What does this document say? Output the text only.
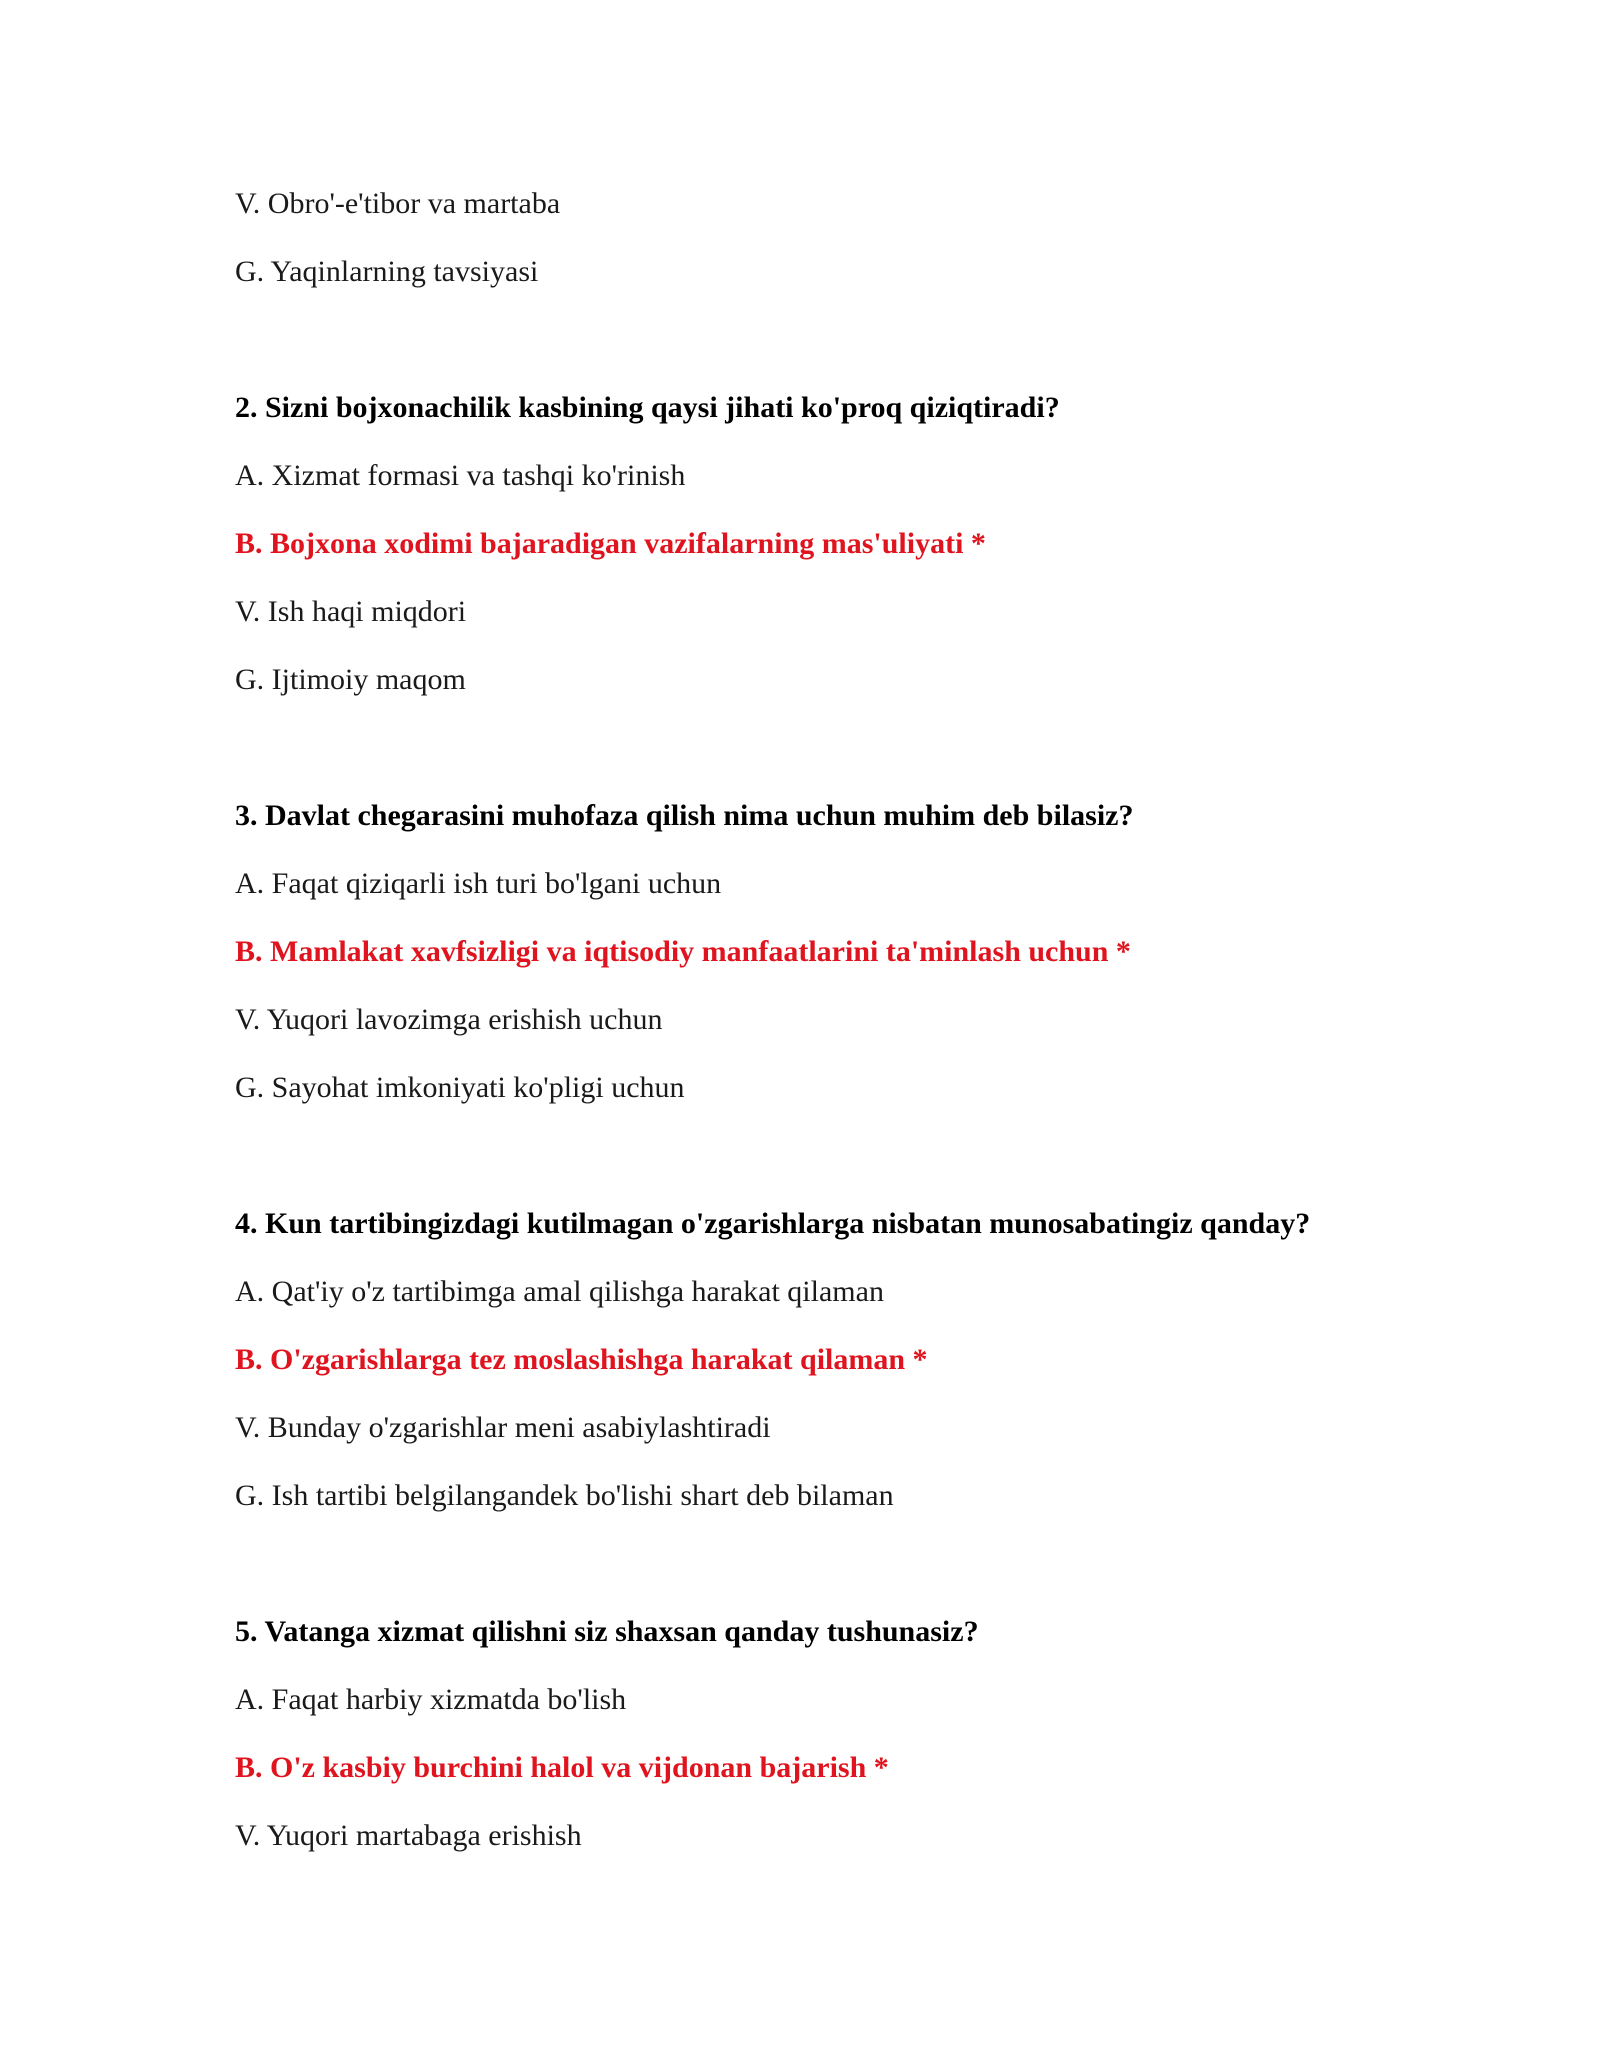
V. Obro'-e'tibor va martaba
G. Yaqinlarning tavsiyasi
2. Sizni bojxonachilik kasbining qaysi jihati ko'proq qiziqtiradi?
A. Xizmat formasi va tashqi ko'rinish
B. Bojxona xodimi bajaradigan vazifalarning mas'uliyati *
V. Ish haqi miqdori
G. Ijtimoiy maqom
3. Davlat chegarasini muhofaza qilish nima uchun muhim deb bilasiz?
A. Faqat qiziqarli ish turi bo'lgani uchun
B. Mamlakat xavfsizligi va iqtisodiy manfaatlarini ta'minlash uchun *
V. Yuqori lavozimga erishish uchun
G. Sayohat imkoniyati ko'pligi uchun
4. Kun tartibingizdagi kutilmagan o'zgarishlarga nisbatan munosabatingiz qanday?
A. Qat'iy o'z tartibimga amal qilishga harakat qilaman
B. O'zgarishlarga tez moslashishga harakat qilaman *
V. Bunday o'zgarishlar meni asabiylashtiradi
G. Ish tartibi belgilangandek bo'lishi shart deb bilaman
5. Vatanga xizmat qilishni siz shaxsan qanday tushunasiz?
A. Faqat harbiy xizmatda bo'lish
B. O'z kasbiy burchini halol va vijdonan bajarish *
V. Yuqori martabaga erishish
